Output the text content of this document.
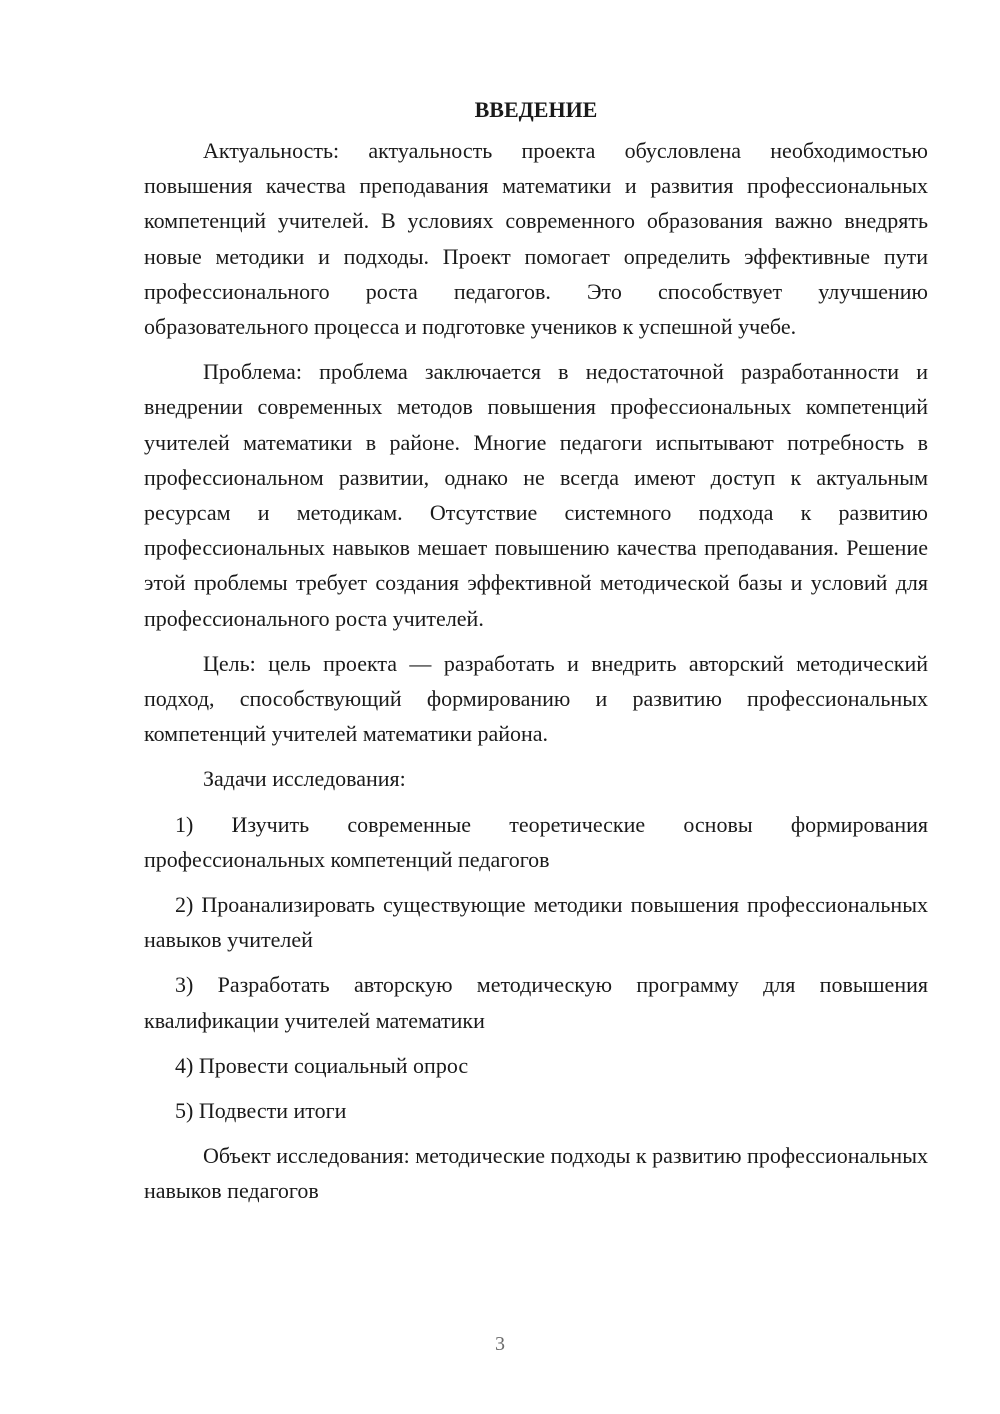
ВВЕДЕНИЕ

Актуальность: актуальность проекта обусловлена необходимостью повышения качества преподавания математики и развития профессиональных компетенций учителей. В условиях современного образования важно внедрять новые методики и подходы. Проект помогает определить эффективные пути профессионального роста педагогов. Это способствует улучшению образовательного процесса и подготовке учеников к успешной учебе.

Проблема: проблема заключается в недостаточной разработанности и внедрении современных методов повышения профессиональных компетенций учителей математики в районе. Многие педагоги испытывают потребность в профессиональном развитии, однако не всегда имеют доступ к актуальным ресурсам и методикам. Отсутствие системного подхода к развитию профессиональных навыков мешает повышению качества преподавания. Решение этой проблемы требует создания эффективной методической базы и условий для профессионального роста учителей.

Цель: цель проекта — разработать и внедрить авторский методический подход, способствующий формированию и развитию профессиональных компетенций учителей математики района.

Задачи исследования:

1) Изучить современные теоретические основы формирования профессиональных компетенций педагогов

2) Проанализировать существующие методики повышения профессиональных навыков учителей

3) Разработать авторскую методическую программу для повышения квалификации учителей математики

4) Провести социальный опрос

5) Подвести итоги

Объект исследования: методические подходы к развитию профессиональных навыков педагогов

3
